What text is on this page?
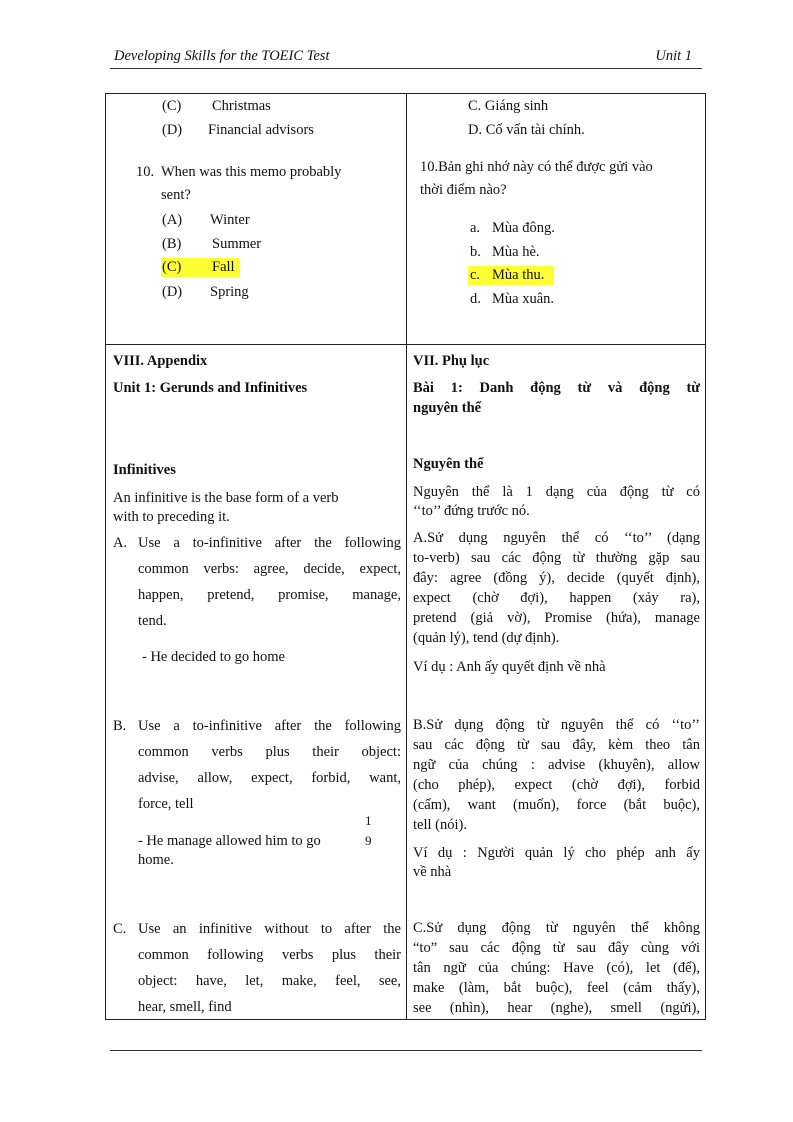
Developing Skills for the TOEIC Test	Unit 1
(C) Christmas
(D) Financial advisors
10. When was this memo probably
sent?
(A) Winter
(B) Summer
(C) Fall
(D) Spring
VIII. Appendix
Unit 1: Gerunds and Infinitives
Infinitives
An infinitive is the base form of a verb
with to preceding it.
A. Use a to-infinitive after the following
common verbs: agree, decide, expect,
happen, pretend, promise, manage,
tend.
- He decided to go home
B. Use a to-infinitive after the following
common verbs plus their object:
advise, allow, expect, forbid, want,
force, tell
- He manage allowed him to go
home.
1
9
C. Use an infinitive without to after the
common following verbs plus their
object: have, let, make, feel, see,
hear, smell, find
C. Giáng sinh
D. Cố vấn tài chính.
10.Bản ghi nhớ này có thể được gửi vào
thời điểm nào?
a. Mùa đông.
b. Mùa hè.
c. Mùa thu.
d. Mùa xuân.
VII. Phụ lục
Bài 1: Danh động từ và động từ
nguyên thể
Nguyên thể
Nguyên thể là 1 dạng của động từ có
‘‘to’’ đứng trước nó.
A.Sử dụng nguyên thể có ‘‘to’’ (dạng
to-verb) sau các động từ thường gặp sau
đây: agree (đồng ý), decide (quyết định),
expect (chờ đợi), happen (xảy ra),
pretend (giả vờ), Promise (hứa), manage
(quản lý), tend (dự định).
Ví dụ : Anh ấy quyết định về nhà
B.Sử dụng động từ nguyên thể có ‘‘to’’
sau các động từ sau đây, kèm theo tân
ngữ của chúng : advise (khuyên), allow
(cho phép), expect (chờ đợi), forbid
(cấm), want (muốn), force (bắt buộc),
tell (nói).
Ví dụ : Người quản lý cho phép anh ấy
về nhà
C.Sử dụng động từ nguyên thể không
“to” sau các động từ sau đây cùng với
tân ngữ của chúng: Have (có), let (để),
make (làm, bắt buộc), feel (cảm thấy),
see (nhìn), hear (nghe), smell (ngửi),
